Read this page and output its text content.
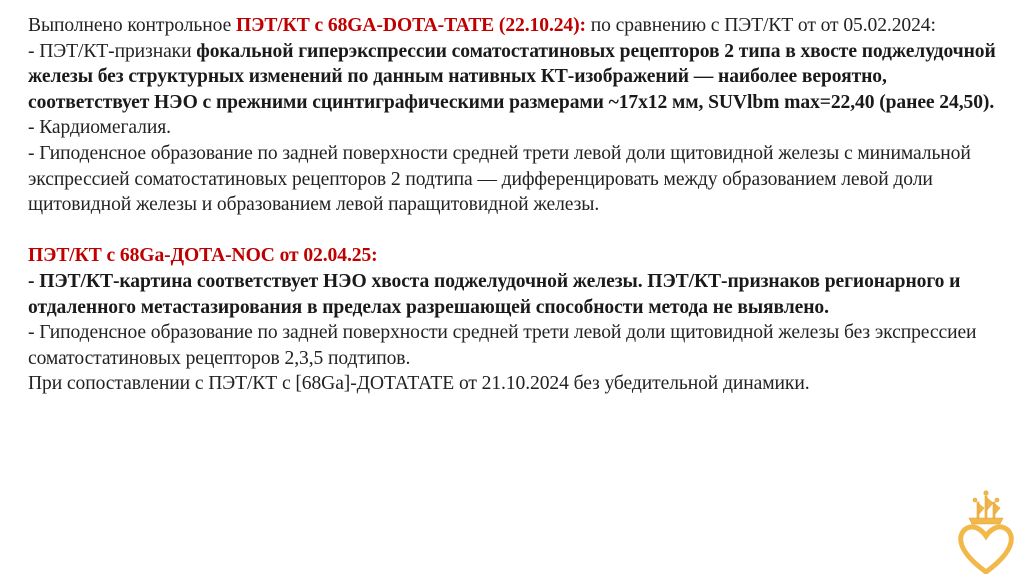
Выполнено контрольное ПЭТ/КТ с 68GA-DOTA-TATE (22.10.24): по сравнению с ПЭТ/КТ от от 05.02.2024:

- ПЭТ/КТ-признаки фокальной гиперэкспрессии соматостатиновых рецепторов 2 типа в хвосте поджелудочной железы без структурных изменений по данным нативных КТ-изображений — наиболее вероятно, соответствует НЭО с прежними сцинтиграфическими размерами ~17x12 мм, SUVlbm max=22,40 (ранее 24,50).

- Кардиомегалия.

- Гиподенсное образование по задней поверхности средней трети левой доли щитовидной железы с минимальной экспрессией соматостатиновых рецепторов 2 подтипа — дифференцировать между образованием левой доли щитовидной железы и образованием левой паращитовидной железы.

ПЭТ/КТ с 68Ga-ДОТА-NOC от 02.04.25:

- ПЭТ/КТ-картина соответствует НЭО хвоста поджелудочной железы. ПЭТ/КТ-признаков регионарного и отдаленного метастазирования в пределах разрешающей способности метода не выявлено.

- Гиподенсное образование по задней поверхности средней трети левой доли щитовидной железы без экспрессиеи соматостатиновых рецепторов 2,3,5 подтипов.

При сопоставлении с ПЭТ/КТ с [68Ga]-ДОТАТАТЕ от 21.10.2024 без убедительной динамики.
